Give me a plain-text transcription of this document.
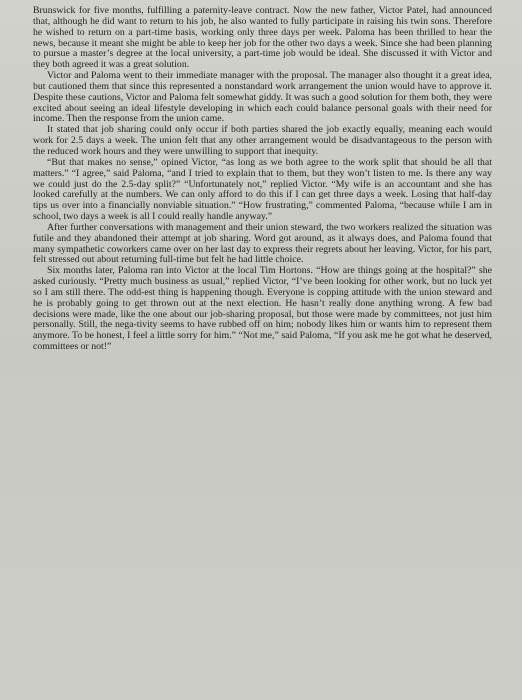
Brunswick for five months, fulfilling a paternity-leave contract. Now the new father, Victor Patel, had announced that, although he did want to return to his job, he also wanted to fully participate in raising his twin sons. Therefore he wished to return on a part-time basis, working only three days per week. Paloma has been thrilled to hear the news, because it meant she might be able to keep her job for the other two days a week. Since she had been planning to pursue a master’s degree at the local university, a part-time job would be ideal. She discussed it with Victor and they both agreed it was a great solution.

Victor and Paloma went to their immediate manager with the proposal. The manager also thought it a great idea, but cautioned them that since this represented a nonstandard work arrangement the union would have to approve it. Despite these cautions, Victor and Paloma felt somewhat giddy. It was such a good solution for them both, they were excited about seeing an ideal lifestyle developing in which each could balance personal goals with their need for income. Then the response from the union came.

It stated that job sharing could only occur if both parties shared the job exactly equally, meaning each would work for 2.5 days a week. The union felt that any other arrangement would be disadvantageous to the person with the reduced work hours and they were unwilling to support that inequity.

“But that makes no sense,” opined Victor, “as long as we both agree to the work split that should be all that matters.” “I agree,” said Paloma, “and I tried to explain that to them, but they won’t listen to me. Is there any way we could just do the 2.5-day split?” “Unfortunately not,” replied Victor. “My wife is an accountant and she has looked carefully at the numbers. We can only afford to do this if I can get three days a week. Losing that half-day tips us over into a financially nonviable situation.” “How frustrating,” commented Paloma, “because while I am in school, two days a week is all I could really handle anyway.”

After further conversations with management and their union steward, the two workers realized the situation was futile and they abandoned their attempt at job sharing. Word got around, as it always does, and Paloma found that many sympathetic coworkers came over on her last day to express their regrets about her leaving. Victor, for his part, felt stressed out about returning full-time but felt he had little choice.

Six months later, Paloma ran into Victor at the local Tim Hortons. “How are things going at the hospital?” she asked curiously. “Pretty much business as usual,” replied Victor, “I’ve been looking for other work, but no luck yet so I am still there. The odd-est thing is happening though. Everyone is copping attitude with the union steward and he is probably going to get thrown out at the next election. He hasn’t really done anything wrong. A few bad decisions were made, like the one about our job-sharing proposal, but those were made by committees, not just him personally. Still, the nega-tivity seems to have rubbed off on him; nobody likes him or wants him to represent them anymore. To be honest, I feel a little sorry for him.” “Not me,” said Paloma, “If you ask me he got what he deserved, committees or not!”
